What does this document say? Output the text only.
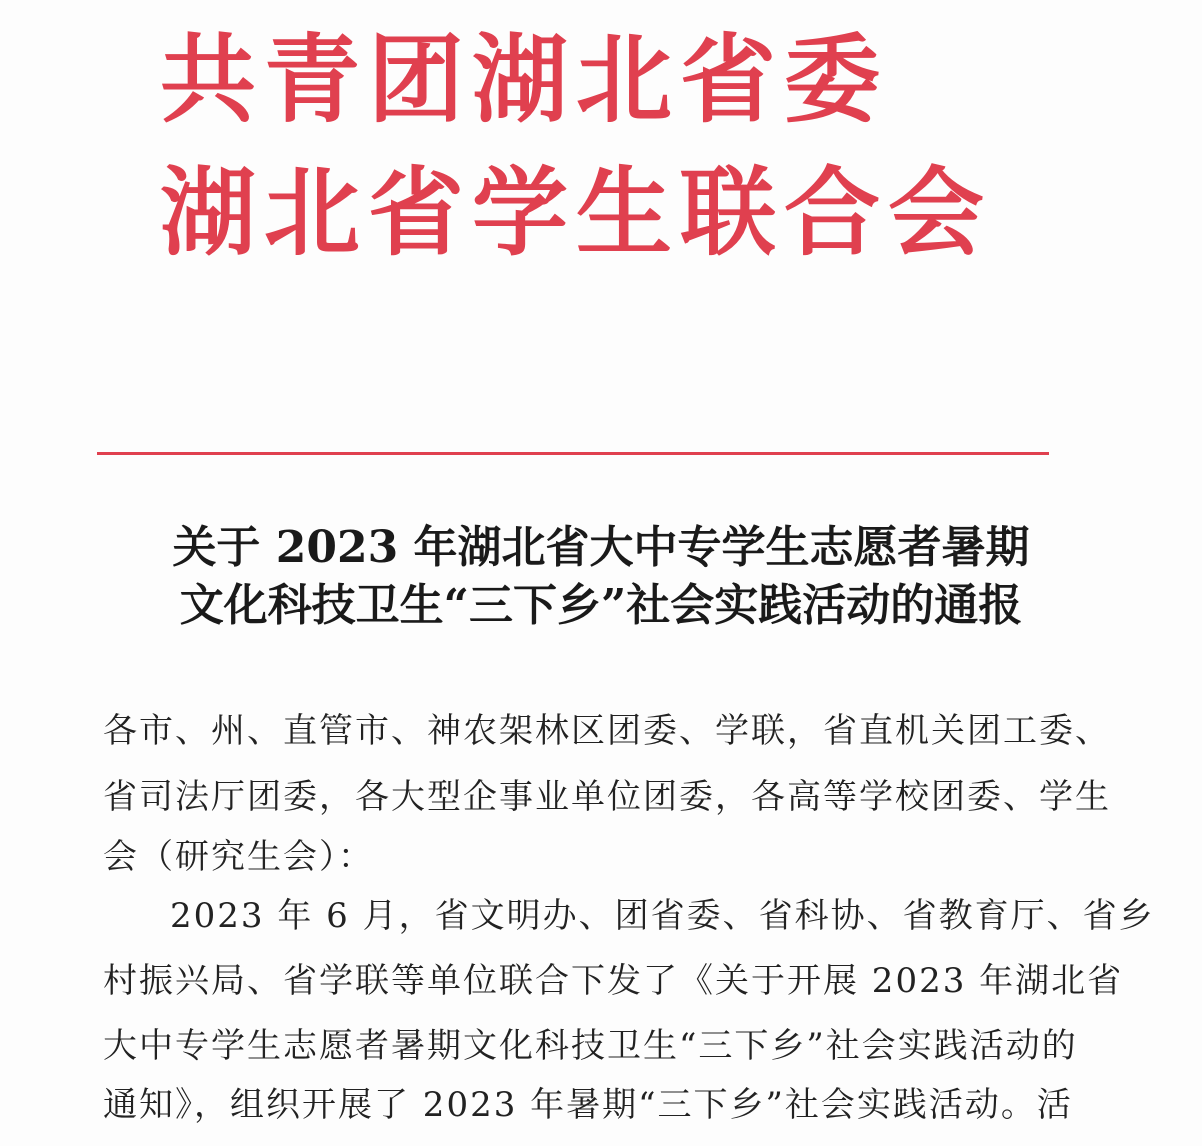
共青团湖北省委
湖北省学生联合会
关于 2023 年湖北省大中专学生志愿者暑期
文化科技卫生“三下乡”社会实践活动的通报
各市、州、直管市、神农架林区团委、学联，省直机关团工委、
省司法厅团委，各大型企事业单位团委，各高等学校团委、学生
会（研究生会）：
2023 年 6 月，省文明办、团省委、省科协、省教育厅、省乡
村振兴局、省学联等单位联合下发了《关于开展 2023 年湖北省
大中专学生志愿者暑期文化科技卫生“三下乡”社会实践活动的
通知》，组织开展了 2023 年暑期“三下乡”社会实践活动。活
